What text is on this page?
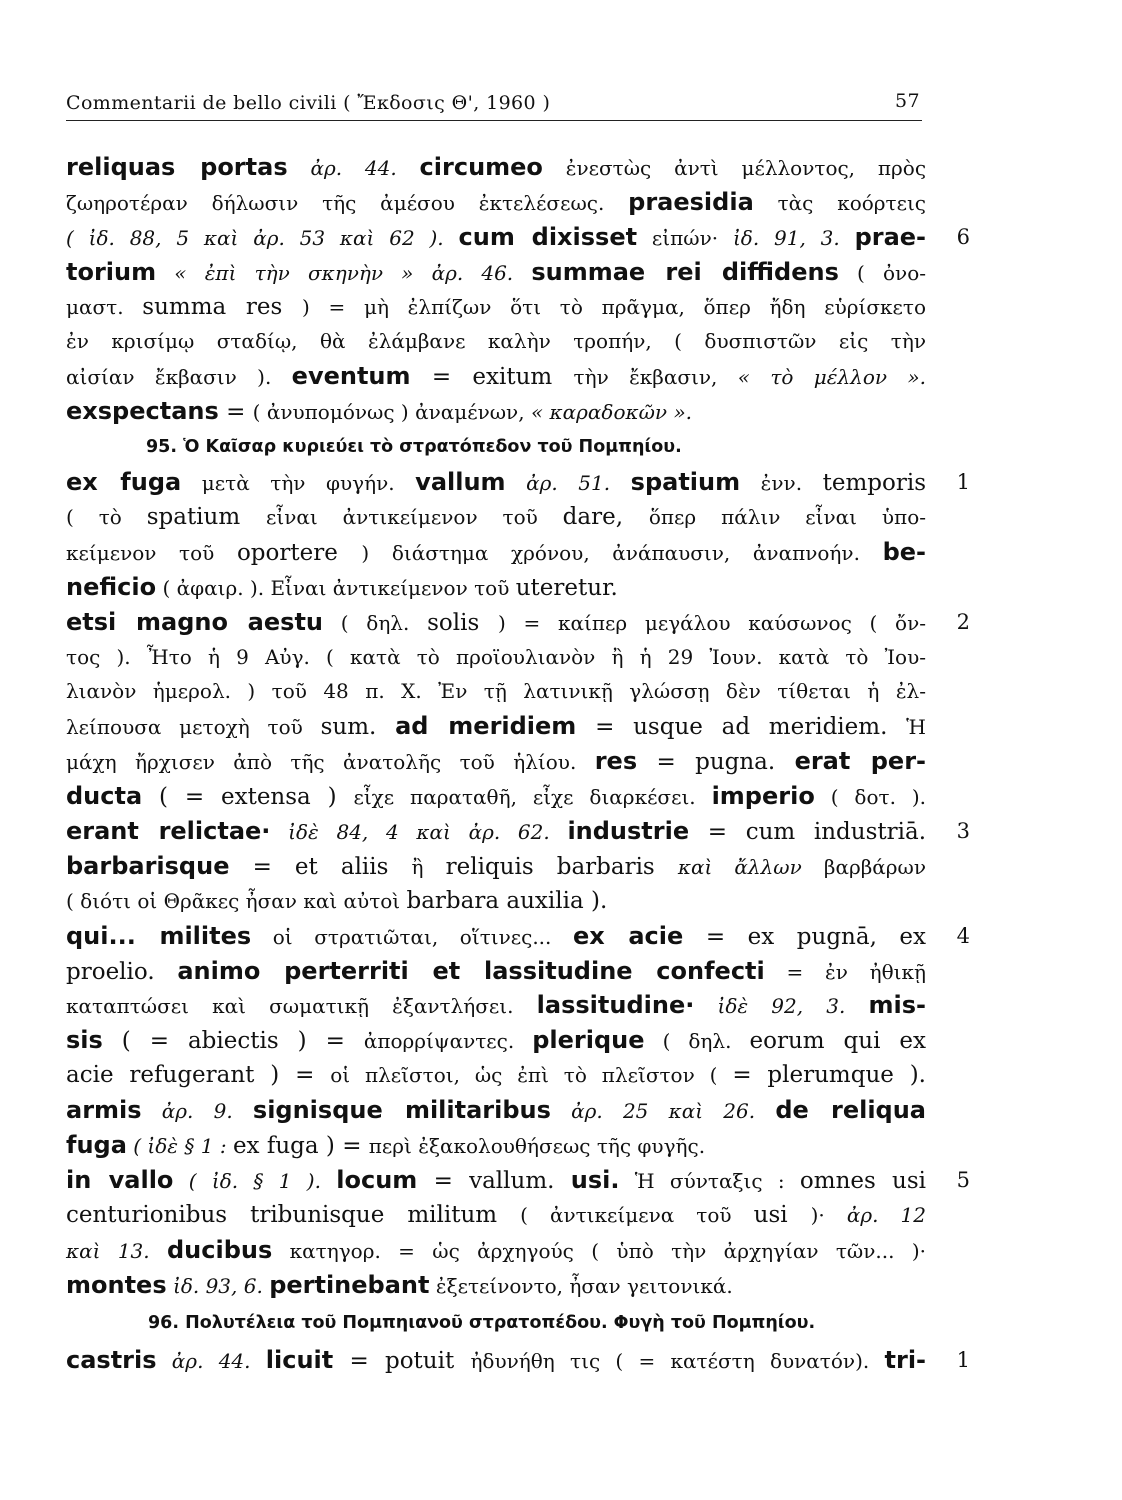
Commentarii de bello civili ( Ἔκδοσις Θ', 1960 )	57
reliquas portas ἀρ. 44. circumeo ἐνεστὼς ἀντὶ μέλλοντος, πρὸς
ζωηροτέραν δήλωσιν τῆς ἀμέσου ἐκτελέσεως. praesidia τὰς κοόρτεις
( ἰδ. 88, 5 καὶ ἀρ. 53 καὶ 62 ). cum dixisset εἰπών· ἰδ. 91, 3. prae-	6
torium « ἐπὶ τὴν σκηνὴν » ἀρ. 46. summae rei diffidens ( ὀνο-
μαστ. summa res ) = μὴ ἐλπίζων ὅτι τὸ πρᾶγμα, ὅπερ ἤδη εὑρίσκετο
ἐν κρισίμῳ σταδίῳ, θὰ ἐλάμβανε καλὴν τροπήν, ( δυσπιστῶν εἰς τὴν
αἰσίαν ἔκβασιν ). eventum = exitum τὴν ἔκβασιν, « τὸ μέλλον ».
exspectans = ( ἀνυπομόνως ) ἀναμένων, « καραδοκῶν ».
95. Ὁ Καῖσαρ κυριεύει τὸ στρατόπεδον τοῦ Πομπηίου.
ex fuga μετὰ τὴν φυγήν. vallum ἀρ. 51. spatium ἐνν. temporis	1
( τὸ spatium εἶναι ἀντικείμενον τοῦ dare, ὅπερ πάλιν εἶναι ὑπο-
κείμενον τοῦ oportere ) διάστημα χρόνου, ἀνάπαυσιν, ἀναπνοήν. be-
neficio ( ἀφαιρ. ). Εἶναι ἀντικείμενον τοῦ uteretur.
etsi magno aestu ( δηλ. solis ) = καίπερ μεγάλου καύσωνος ( ὄν-	2
τος ). Ἦτο ἡ 9 Αὐγ. ( κατὰ τὸ προϊουλιανὸν ἢ ἡ 29 Ἰουν. κατὰ τὸ Ἰου-
λιανὸν ἡμερολ. ) τοῦ 48 π. Χ. Ἐν τῇ λατινικῇ γλώσσῃ δὲν τίθεται ἡ ἐλ-
λείπουσα μετοχὴ τοῦ sum. ad meridiem = usque ad meridiem. Ἡ
μάχη ἤρχισεν ἀπὸ τῆς ἀνατολῆς τοῦ ἡλίου. res = pugna. erat per-
ducta ( = extensa ) εἶχε παραταθῆ, εἶχε διαρκέσει. imperio ( δοτ. ).
erant relictae· ἰδὲ 84, 4 καὶ ἀρ. 62. industrie = cum industriā.	3
barbarisque = et aliis ἢ reliquis barbaris καὶ ἄλλων βαρβάρων
( διότι οἱ Θρᾶκες ἦσαν καὶ αὐτοὶ barbara auxilia ).
qui... milites οἱ στρατιῶται, οἵτινες... ex acie = ex pugnā, ex	4
proelio. animo perterriti et lassitudine confecti = ἐν ἠθικῇ
καταπτώσει καὶ σωματικῇ ἐξαντλήσει. lassitudine· ἰδὲ 92, 3. mis-
sis ( = abiectis ) = ἀπορρίψαντες. plerique ( δηλ. eorum qui ex
acie refugerant ) = οἱ πλεῖστοι, ὡς ἐπὶ τὸ πλεῖστον ( = plerumque ).
armis ἀρ. 9. signisque militaribus ἀρ. 25 καὶ 26. de reliqua
fuga ( ἰδὲ § 1 : ex fuga ) = περὶ ἐξακολουθήσεως τῆς φυγῆς.
in vallo ( ἰδ. § 1 ). locum = vallum. usi. Ἡ σύνταξις : omnes usi	5
centurionibus tribunisque militum ( ἀντικείμενα τοῦ usi )· ἀρ. 12
καὶ 13. ducibus κατηγορ. = ὡς ἀρχηγούς ( ὑπὸ τὴν ἀρχηγίαν τῶν... )·
montes ἰδ. 93, 6. pertinebant ἐξετείνοντο, ἦσαν γειτονικά.
96. Πολυτέλεια τοῦ Πομπηιανοῦ στρατοπέδου. Φυγὴ τοῦ Πομπηίου.
castris ἀρ. 44. licuit = potuit ἠδυνήθη τις ( = κατέστη δυνατόν). tri-	1
